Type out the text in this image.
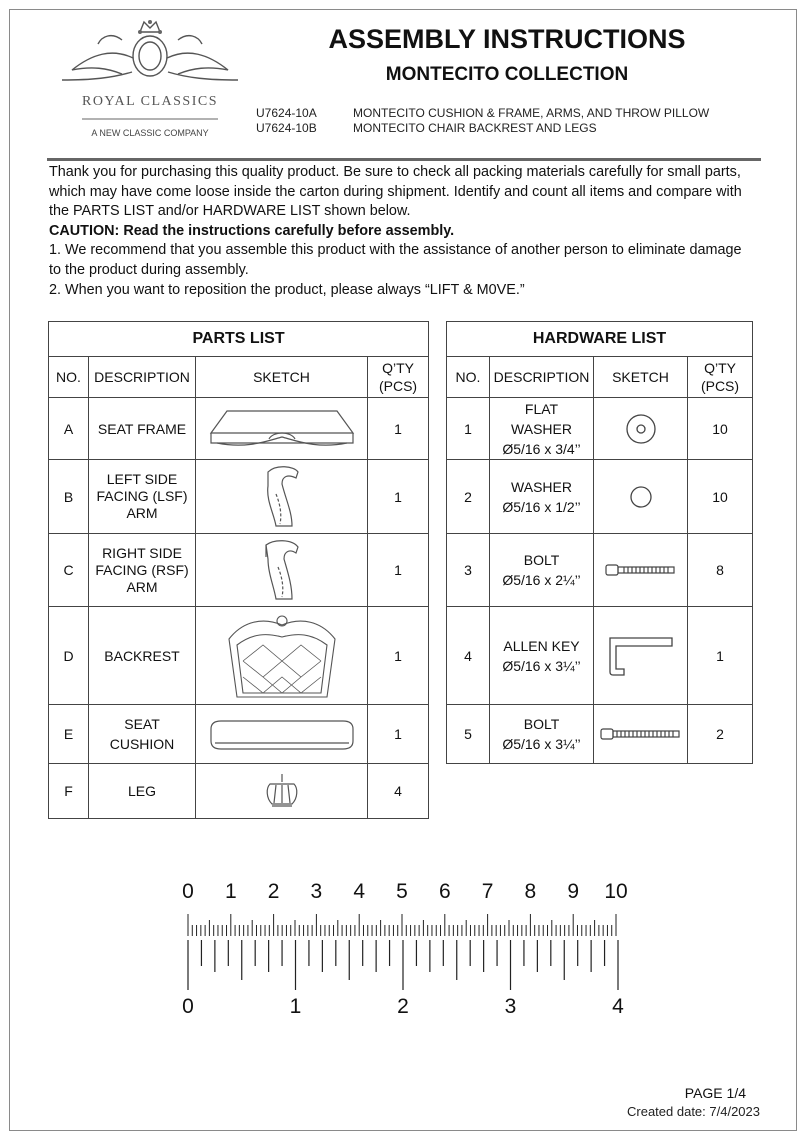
ROYAL CLASSICS
A NEW CLASSIC COMPANY
ASSEMBLY INSTRUCTIONS
MONTECITO COLLECTION
U7624-10A	MONTECITO CUSHION & FRAME, ARMS, AND THROW PILLOW
U7624-10B	MONTECITO CHAIR BACKREST AND LEGS

Thank you for purchasing this quality product. Be sure to check all packing materials carefully for small parts, which may have come loose inside the carton during shipment. Identify and count all items and compare with the PARTS LIST and/or HARDWARE LIST shown below.

CAUTION: Read the instructions carefully before assembly.

1. We recommend that you assemble this product with the assistance of another person to eliminate damage to the product during assembly.

2. When you want to reposition the product, please always “LIFT & M0VE.”

PARTS LIST			
NO.	DESCRIPTION	SKETCH	Q’TY
(PCS)
A	SEAT FRAME		1
B	LEFT SIDE FACING (LSF) ARM		1
C	RIGHT SIDE FACING (RSF) ARM		1
D	BACKREST		1
E	SEAT CUSHION		1
F	LEG		4
HARDWARE LIST			
NO.	DESCRIPTION	SKETCH	Q’TY
(PCS)
1	FLAT
WASHER
Ø5/16 x 3/4’’		10
2	WASHER
Ø5/16 x 1/2’’		10
3	BOLT
Ø5/16 x 2¼’’		8
4	ALLEN KEY
Ø5/16 x 3¼’’		1
5	BOLT
Ø5/16 x 3¼’’		2
0 1 2 3 4 5 6 7 8 9 10
0	1	2	3	4
PAGE 1/4
Created date: 7/4/2023
